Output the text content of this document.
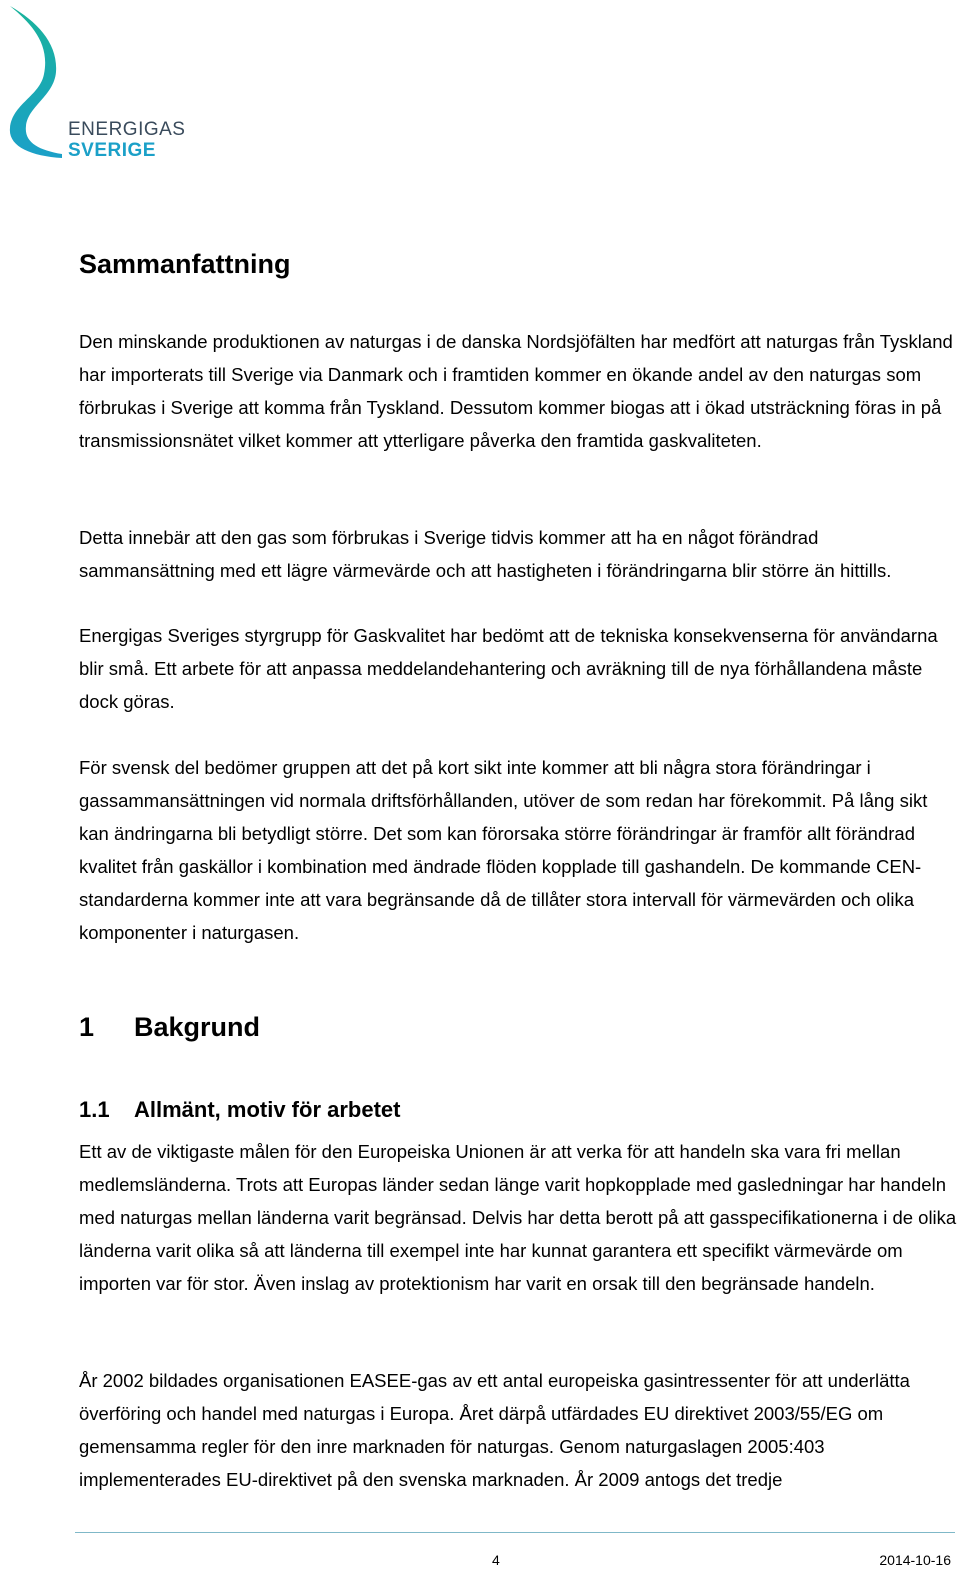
ENERGIGAS
SVERIGE
Sammanfattning

Den minskande produktionen av naturgas i de danska Nordsjöfälten har medfört att naturgas från Tyskland har importerats till Sverige via Danmark och i framtiden kommer en ökande andel av den naturgas som förbrukas i Sverige att komma från Tyskland. Dessutom kommer biogas att i ökad utsträckning föras in på transmissionsnätet vilket kommer att ytterligare påverka den framtida gaskvaliteten.

Detta innebär att den gas som förbrukas i Sverige tidvis kommer att ha en något förändrad sammansättning med ett lägre värmevärde och att hastigheten i förändringarna blir större än hittills.

Energigas Sveriges styrgrupp för Gaskvalitet har bedömt att de tekniska konsekvenserna för användarna blir små. Ett arbete för att anpassa meddelandehantering och avräkning till de nya förhållandena måste dock göras.

För svensk del bedömer gruppen att det på kort sikt inte kommer att bli några stora förändringar i gassammansättningen vid normala driftsförhållanden, utöver de som redan har förekommit. På lång sikt kan ändringarna bli betydligt större. Det som kan förorsaka större förändringar är framför allt förändrad kvalitet från gaskällor i kombination med ändrade flöden kopplade till gashandeln. De kommande CEN-standarderna kommer inte att vara begränsande då de tillåter stora intervall för värmevärden och olika komponenter i naturgasen.

1 Bakgrund
1.1 Allmänt, motiv för arbetet

Ett av de viktigaste målen för den Europeiska Unionen är att verka för att handeln ska vara fri mellan medlemsländerna. Trots att Europas länder sedan länge varit hopkopplade med gasledningar har handeln med naturgas mellan länderna varit begränsad. Delvis har detta berott på att gasspecifikationerna i de olika länderna varit olika så att länderna till exempel inte har kunnat garantera ett specifikt värmevärde om importen var för stor. Även inslag av protektionism har varit en orsak till den begränsade handeln.

År 2002 bildades organisationen EASEE-gas av ett antal europeiska gasintressenter för att underlätta överföring och handel med naturgas i Europa. Året därpå utfärdades EU direktivet 2003/55/EG om gemensamma regler för den inre marknaden för naturgas. Genom naturgaslagen 2005:403 implementerades EU-direktivet på den svenska marknaden. År 2009 antogs det tredje

4	2014-10-16
